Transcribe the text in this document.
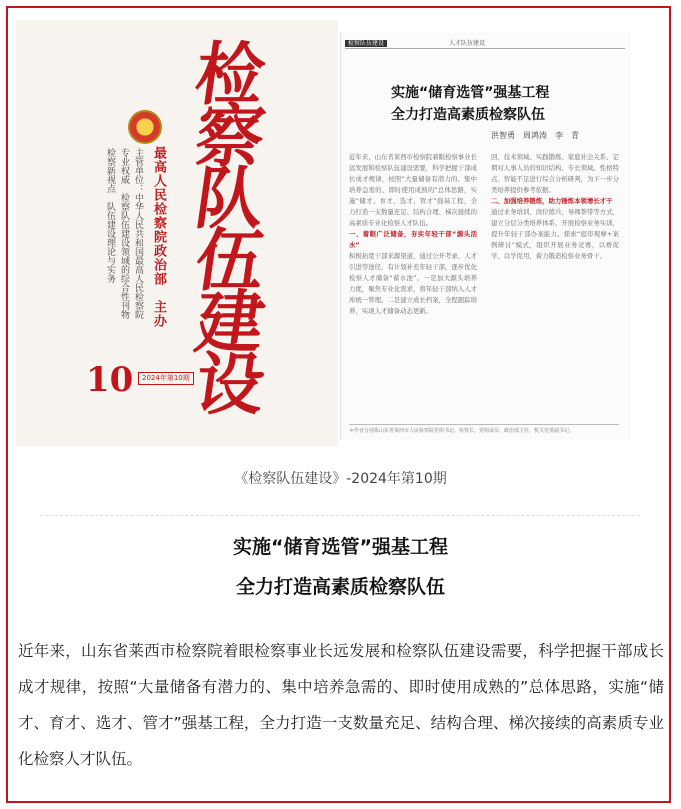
检
察
队
伍
建
设
最高人民检察院政治部　主办
主管单位：中华人民共和国最高人民检察院
专业权威　检察队伍建设领域的综合性刊物
检察新视点　队伍建设理论与实务
10	2024年第10期
检察队伍建设	人才队伍建设
实施“储育选管”强基工程
全力打造高素质检察队伍
洪智勇　周鸿涛　李　青
近年来，山东省莱西市检察院着眼检察事业长远发展和检察队伍建设需要，科学把握干部成长成才规律，按照“大量储备有潜力的、集中培养急需的、即时使用成熟的”总体思路，实施“储才、育才、选才、管才”强基工程，全力打造一支数量充足、结构合理、梯次接续的高素质专业化检察人才队伍。
一、着眼广泛储备，夯实年轻干部“源头活水”
积极拓宽干部来源渠道，通过公开考录、人才引进等途径，有计划补充年轻干部，逐步优化检察人才储备“蓄水池”。一是加大源头培养力度，聚焦专业化需求，将年轻干部纳入人才库统一管理。二是建立成长档案，全程跟踪培养，实现人才储备动态更新。
回、技术领域、实践锻炼、家庭社会关系、定期对人事人员的知识结构、专长领域、性格特点、智能不足进行综合分析研判，为下一步分类培养提供参考依据。
二、加强培养锻炼，助力锤炼本领增长才干
通过业务培训、岗位练兵、导师帮带等方式，建立分层分类培养体系，开展检察业务实训，提升年轻干部办案能力。探索“庭审观摩+案例研讨”模式，组织开展业务竞赛，以赛促学、以学促用，着力锻造检察业务骨干。
＊作者分别系山东省莱西市人民检察院党组书记、检察长，党组成员、政治部主任，机关党委副书记。
《检察队伍建设》-2024年第10期
实施“储育选管”强基工程
全力打造高素质检察队伍
近年来，山东省莱西市检察院着眼检察事业长远发展和检察队伍建设需要，科学把握干部成长成才规律，按照“大量储备有潜力的、集中培养急需的、即时使用成熟的”总体思路，实施“储才、育才、选才、管才”强基工程，全力打造一支数量充足、结构合理、梯次接续的高素质专业化检察人才队伍。
